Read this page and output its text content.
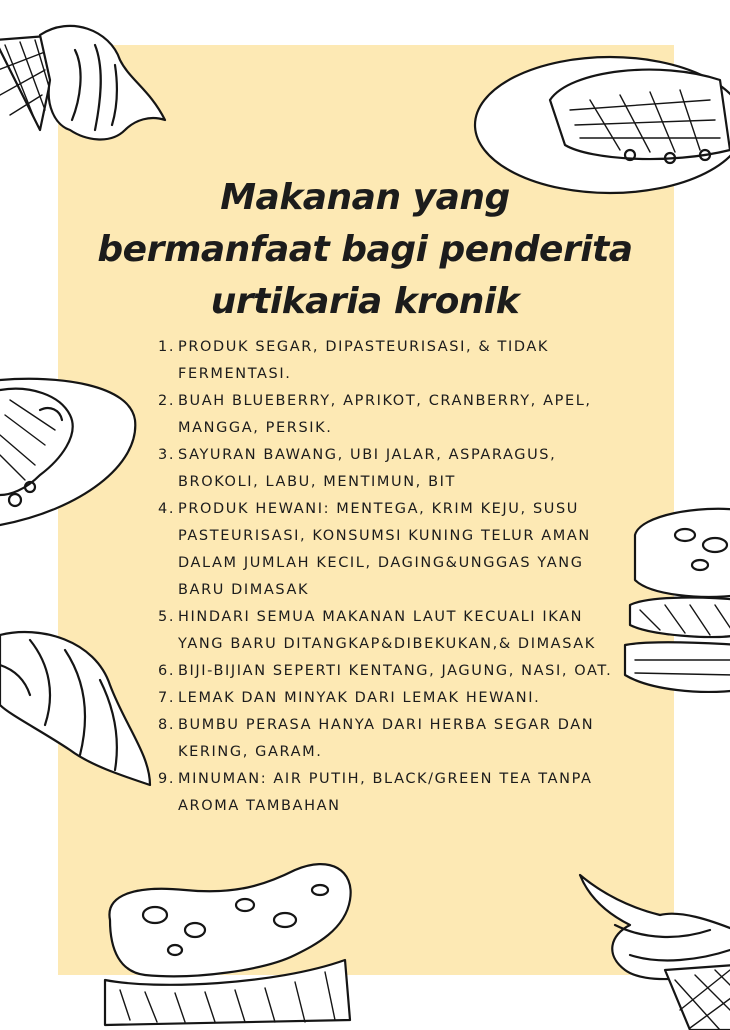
Makanan yang
bermanfaat bagi penderita
urtikaria kronik
1. PRODUK SEGAR, DIPASTEURISASI, & TIDAK FERMENTASI.
2. BUAH BLUEBERRY, APRIKOT, CRANBERRY, APEL, MANGGA, PERSIK.
3. SAYURAN BAWANG, UBI JALAR, ASPARAGUS, BROKOLI, LABU, MENTIMUN, BIT
4. PRODUK HEWANI: MENTEGA, KRIM KEJU, SUSU PASTEURISASI, KONSUMSI KUNING TELUR AMAN DALAM JUMLAH KECIL, DAGING&UNGGAS YANG BARU DIMASAK
5. HINDARI SEMUA MAKANAN LAUT KECUALI IKAN YANG BARU DITANGKAP&DIBEKUKAN,& DIMASAK
6. BIJI-BIJIAN SEPERTI KENTANG, JAGUNG, NASI, OAT.
7. LEMAK DAN MINYAK DARI LEMAK HEWANI.
8. BUMBU PERASA HANYA DARI HERBA SEGAR DAN KERING, GARAM.
9. MINUMAN: AIR PUTIH, BLACK/GREEN TEA TANPA AROMA TAMBAHAN
